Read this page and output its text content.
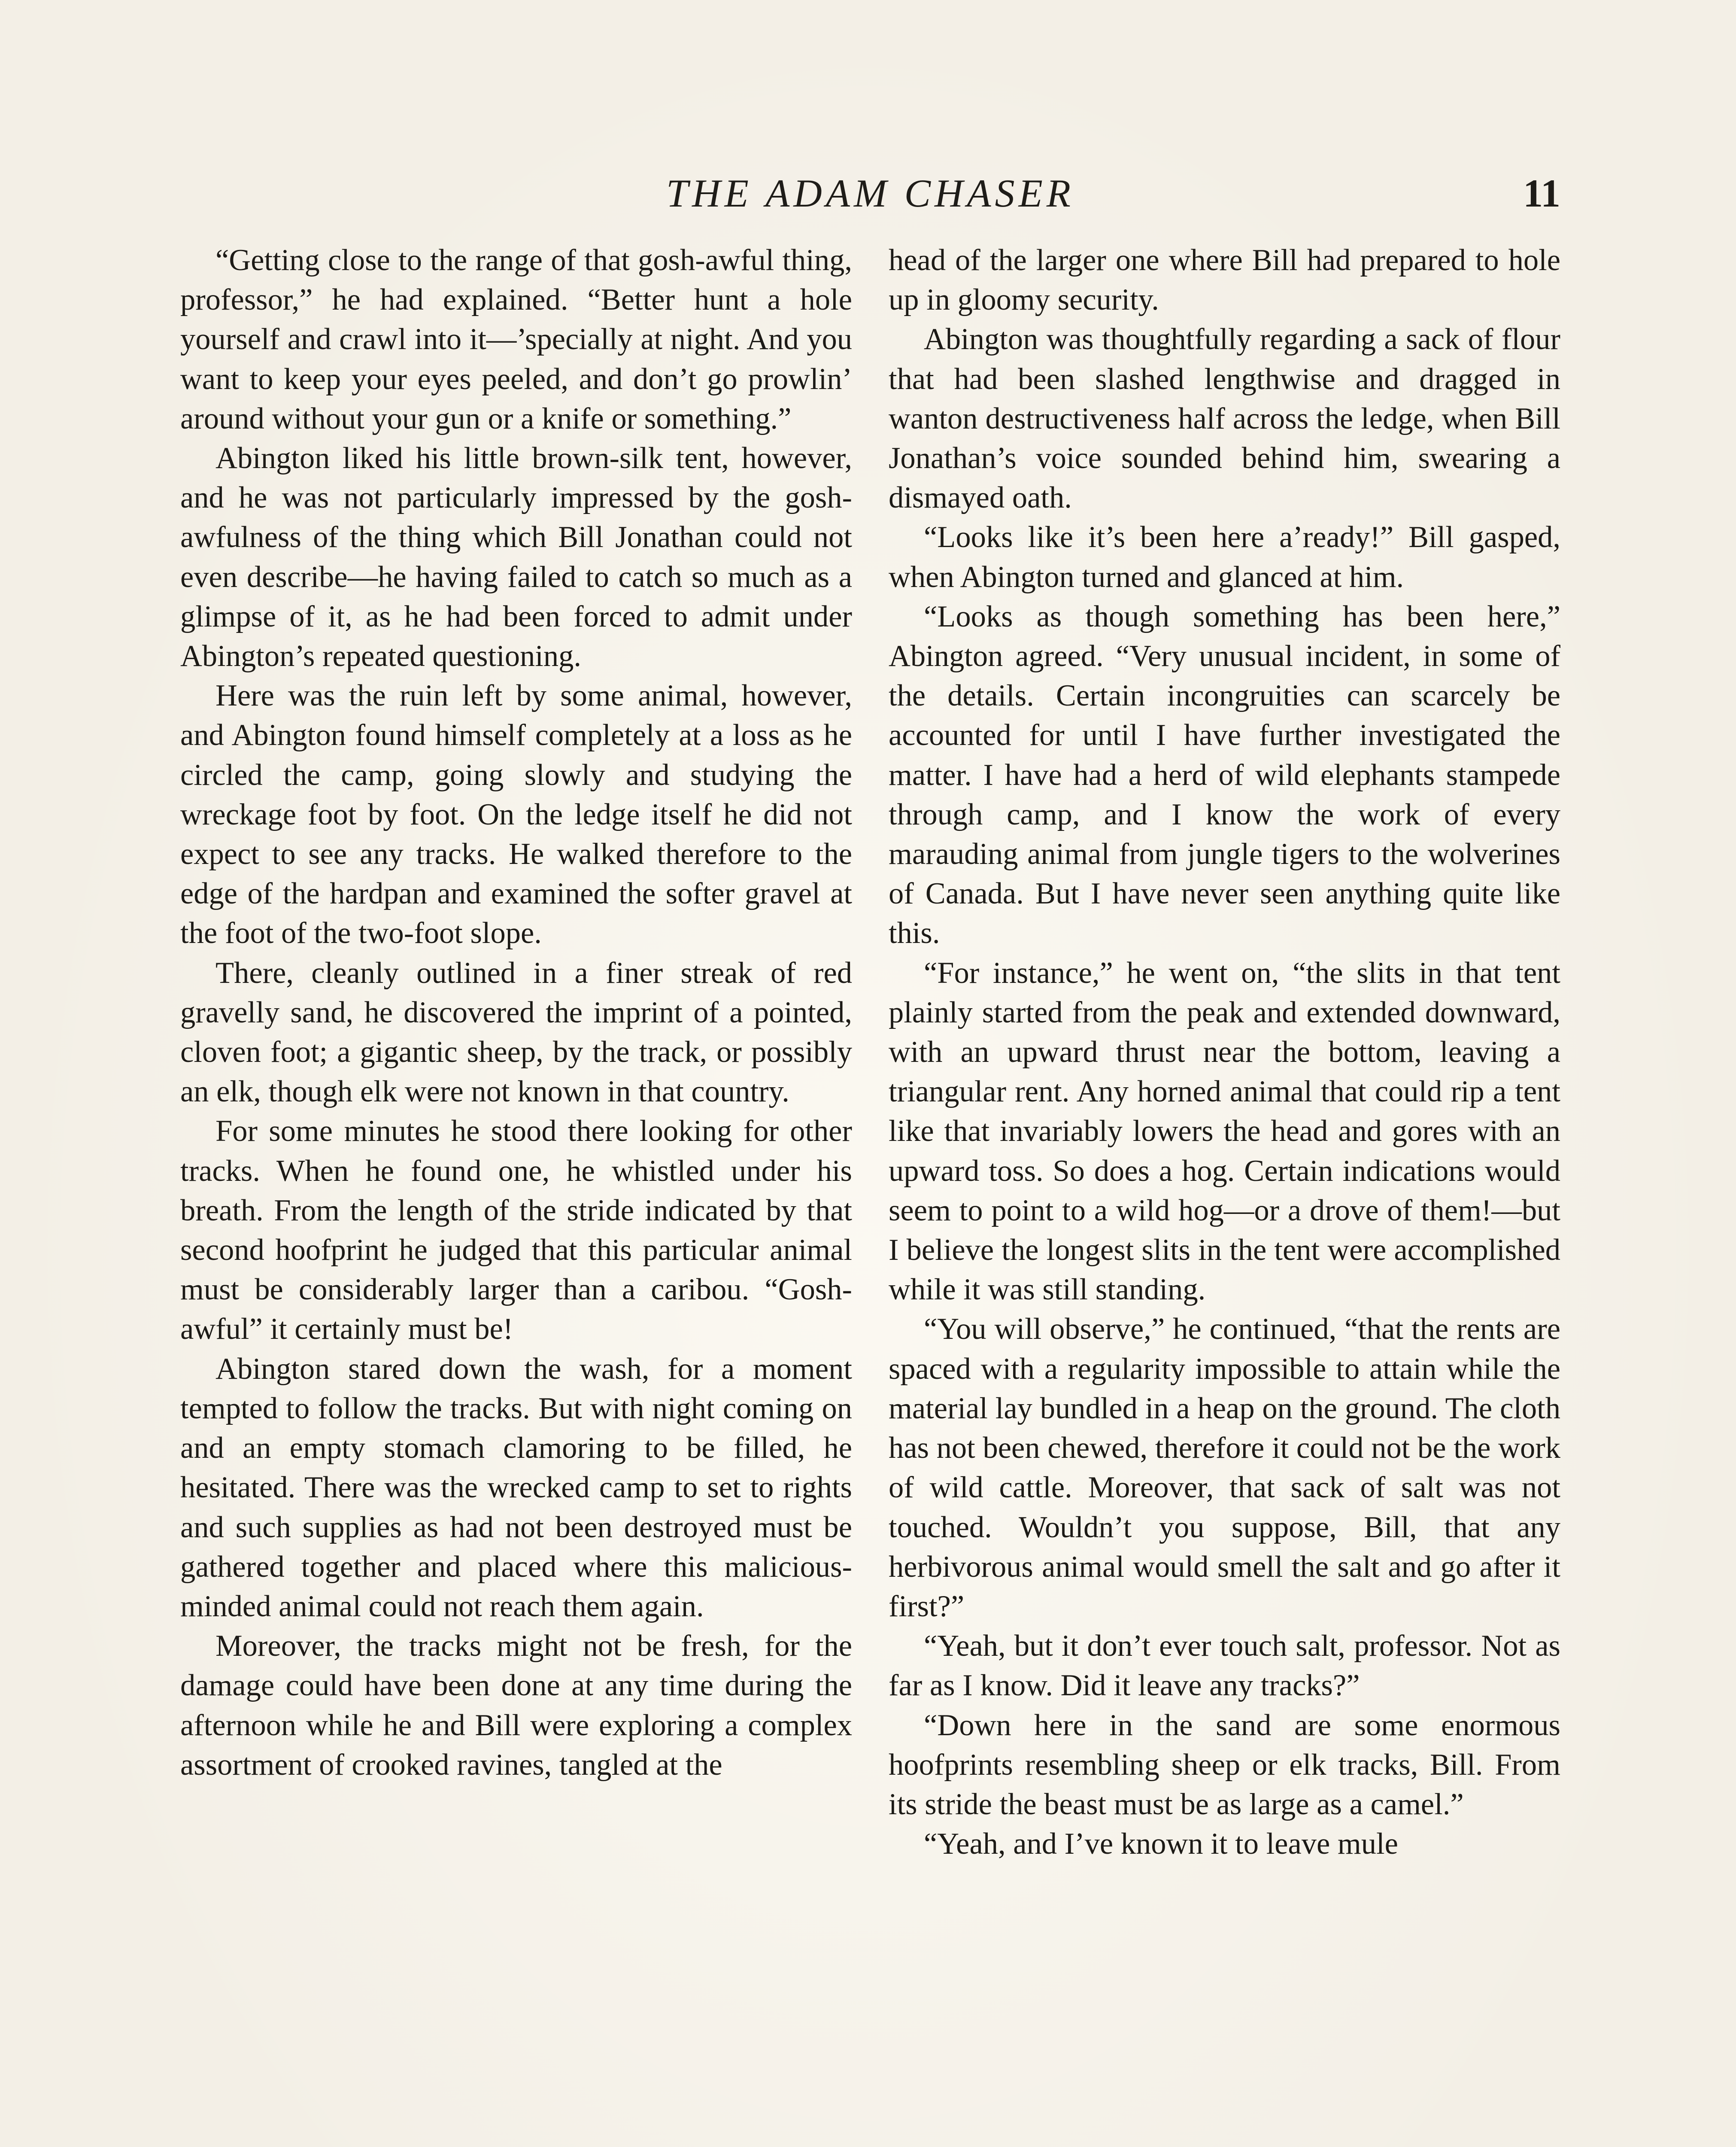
THE ADAM CHASER	11

“Getting close to the range of that gosh-awful thing, professor,” he had explained. “Better hunt a hole yourself and crawl into it—’specially at night. And you want to keep your eyes peeled, and don’t go prowlin’ around without your gun or a knife or something.”

Abington liked his little brown-silk tent, however, and he was not particularly impressed by the gosh-awfulness of the thing which Bill Jonathan could not even describe—he having failed to catch so much as a glimpse of it, as he had been forced to admit under Abington’s repeated questioning.

Here was the ruin left by some animal, however, and Abington found himself completely at a loss as he circled the camp, going slowly and studying the wreckage foot by foot. On the ledge itself he did not expect to see any tracks. He walked therefore to the edge of the hardpan and examined the softer gravel at the foot of the two-foot slope.

There, cleanly outlined in a finer streak of red gravelly sand, he discovered the imprint of a pointed, cloven foot; a gigantic sheep, by the track, or possibly an elk, though elk were not known in that country.

For some minutes he stood there looking for other tracks. When he found one, he whistled under his breath. From the length of the stride indicated by that second hoofprint he judged that this particular animal must be considerably larger than a caribou. “Gosh-awful” it certainly must be!

Abington stared down the wash, for a moment tempted to follow the tracks. But with night coming on and an empty stomach clamoring to be filled, he hesitated. There was the wrecked camp to set to rights and such supplies as had not been destroyed must be gathered together and placed where this malicious-minded animal could not reach them again.

Moreover, the tracks might not be fresh, for the damage could have been done at any time during the afternoon while he and Bill were exploring a complex assortment of crooked ravines, tangled at the

head of the larger one where Bill had prepared to hole up in gloomy security.

Abington was thoughtfully regarding a sack of flour that had been slashed lengthwise and dragged in wanton destructiveness half across the ledge, when Bill Jonathan’s voice sounded behind him, swearing a dismayed oath.

“Looks like it’s been here a’ready!” Bill gasped, when Abington turned and glanced at him.

“Looks as though something has been here,” Abington agreed. “Very unusual incident, in some of the details. Certain incongruities can scarcely be accounted for until I have further investigated the matter. I have had a herd of wild elephants stampede through camp, and I know the work of every marauding animal from jungle tigers to the wolverines of Canada. But I have never seen anything quite like this.

“For instance,” he went on, “the slits in that tent plainly started from the peak and extended downward, with an upward thrust near the bottom, leaving a triangular rent. Any horned animal that could rip a tent like that invariably lowers the head and gores with an upward toss. So does a hog. Certain indications would seem to point to a wild hog—or a drove of them!—but I believe the longest slits in the tent were accomplished while it was still standing.

“You will observe,” he continued, “that the rents are spaced with a regularity impossible to attain while the material lay bundled in a heap on the ground. The cloth has not been chewed, therefore it could not be the work of wild cattle. Moreover, that sack of salt was not touched. Wouldn’t you suppose, Bill, that any herbivorous animal would smell the salt and go after it first?”

“Yeah, but it don’t ever touch salt, professor. Not as far as I know. Did it leave any tracks?”

“Down here in the sand are some enormous hoofprints resembling sheep or elk tracks, Bill. From its stride the beast must be as large as a camel.”

“Yeah, and I’ve known it to leave mule
